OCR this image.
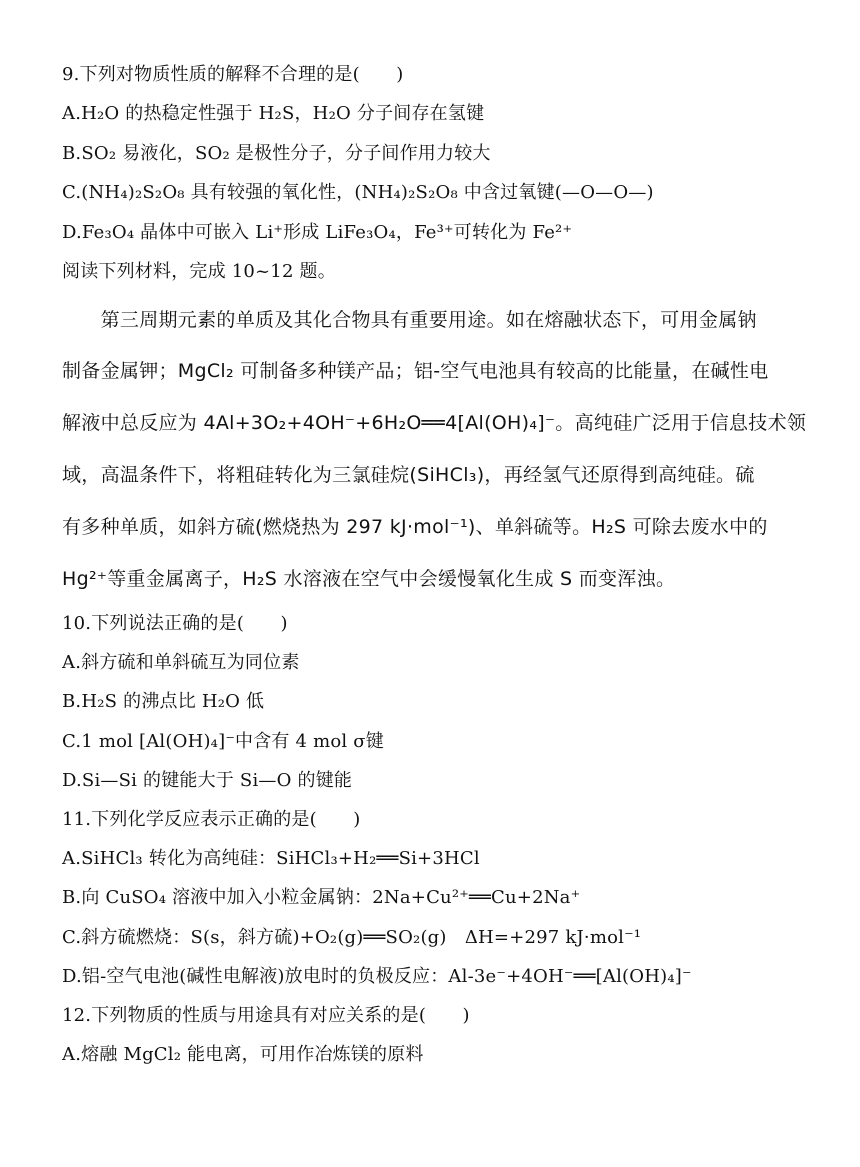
9.下列对物质性质的解释不合理的是(　　)
A.H₂O 的热稳定性强于 H₂S，H₂O 分子间存在氢键
B.SO₂ 易液化，SO₂ 是极性分子，分子间作用力较大
C.(NH₄)₂S₂O₈ 具有较强的氧化性，(NH₄)₂S₂O₈ 中含过氧键(—O—O—)
D.Fe₃O₄ 晶体中可嵌入 Li⁺形成 LiFe₃O₄，Fe³⁺可转化为 Fe²⁺
阅读下列材料，完成 10~12 题。
　　第三周期元素的单质及其化合物具有重要用途。如在熔融状态下，可用金属钠
制备金属钾；MgCl₂ 可制备多种镁产品；铝-空气电池具有较高的比能量，在碱性电
解液中总反应为 4Al+3O₂+4OH⁻+6H₂O══4[Al(OH)₄]⁻。高纯硅广泛用于信息技术领
域，高温条件下，将粗硅转化为三氯硅烷(SiHCl₃)，再经氢气还原得到高纯硅。硫
有多种单质，如斜方硫(燃烧热为 297 kJ·mol⁻¹)、单斜硫等。H₂S 可除去废水中的
Hg²⁺等重金属离子，H₂S 水溶液在空气中会缓慢氧化生成 S 而变浑浊。
10.下列说法正确的是(　　)
A.斜方硫和单斜硫互为同位素
B.H₂S 的沸点比 H₂O 低
C.1 mol [Al(OH)₄]⁻中含有 4 mol σ键
D.Si—Si 的键能大于 Si—O 的键能
11.下列化学反应表示正确的是(　　)
A.SiHCl₃ 转化为高纯硅：SiHCl₃+H₂══Si+3HCl
B.向 CuSO₄ 溶液中加入小粒金属钠：2Na+Cu²⁺══Cu+2Na⁺
C.斜方硫燃烧：S(s，斜方硫)+O₂(g)══SO₂(g)　ΔH=+297 kJ·mol⁻¹
D.铝-空气电池(碱性电解液)放电时的负极反应：Al-3e⁻+4OH⁻══[Al(OH)₄]⁻
12.下列物质的性质与用途具有对应关系的是(　　)
A.熔融 MgCl₂ 能电离，可用作冶炼镁的原料
